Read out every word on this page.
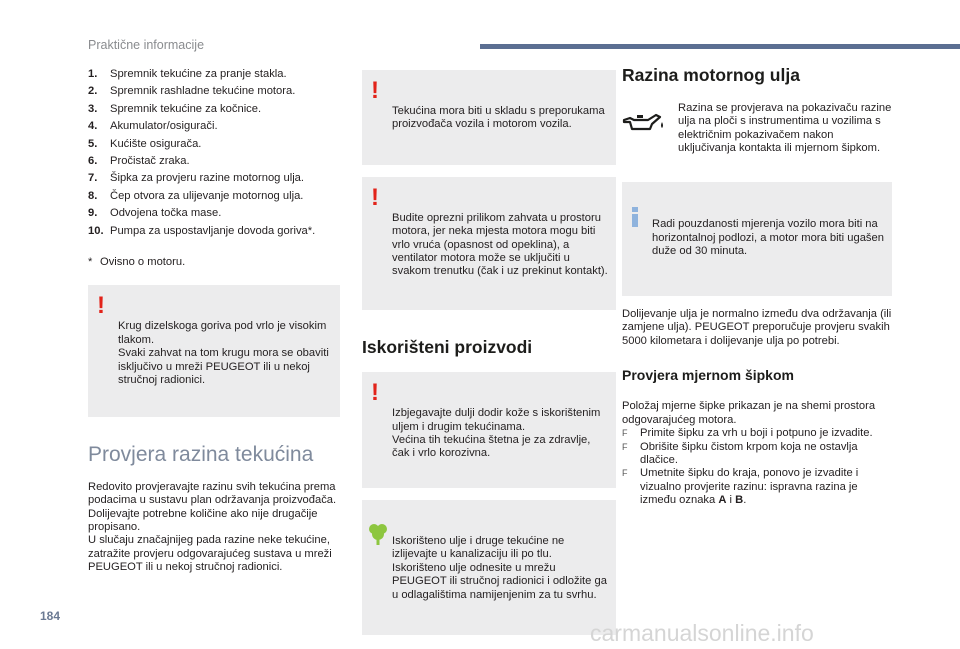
Praktične informacije
1.	Spremnik tekućine za pranje stakla.
2.	Spremnik rashladne tekućine motora.
3.	Spremnik tekućine za kočnice.
4.	Akumulator/osigurači.
5.	Kućište osigurača.
6.	Pročistač zraka.
7.	Šipka za provjeru razine motornog ulja.
8.	Čep otvora za ulijevanje motornog ulja.
9.	Odvojena točka mase.
10. Pumpa za uspostavljanje dovoda goriva*.
* Ovisno o motoru.

!

Krug dizelskoga goriva pod vrlo je visokim tlakom.
Svaki zahvat na tom krugu mora se obaviti isključivo u mreži PEUGEOT ili u nekoj stručnoj radionici.

Provjera razina tekućina
Redovito provjeravajte razinu svih tekućina prema podacima u sustavu plan održavanja proizvođača. Dolijevajte potrebne količine ako nije drugačije propisano.
U slučaju značajnijeg pada razine neke tekućine, zatražite provjeru odgovarajućeg sustava u mreži PEUGEOT ili u nekoj stručnoj radionici.

!

Tekućina mora biti u skladu s preporukama proizvođača vozila i motorom vozila.

!

Budite oprezni prilikom zahvata u prostoru motora, jer neka mjesta motora mogu biti vrlo vruća (opasnost od opeklina), a ventilator motora može se uključiti u svakom trenutku (čak i uz prekinut kontakt).

Iskorišteni proizvodi

!

Izbjegavajte dulji dodir kože s iskorištenim uljem i drugim tekućinama.
Većina tih tekućina štetna je za zdravlje, čak i vrlo korozivna.

Iskorišteno ulje i druge tekućine ne izlijevajte u kanalizaciju ili po tlu.
Iskorišteno ulje odnesite u mrežu PEUGEOT ili stručnoj radionici i odložite ga u odlagalištima namijenjenim za tu svrhu.

Razina motornog ulja
Razina se provjerava na pokazivaču razine ulja na ploči s instrumentima u vozilima s električnim pokazivačem nakon uključivanja kontakta ili mjernom šipkom.

Radi pouzdanosti mjerenja vozilo mora biti na horizontalnoj podlozi, a motor mora biti ugašen duže od 30 minuta.

Dolijevanje ulja je normalno između dva održavanja (ili zamjene ulja). PEUGEOT preporučuje provjeru svakih 5000 kilometara i dolijevanje ulja po potrebi.
Provjera mjernom šipkom
Položaj mjerne šipke prikazan je na shemi prostora odgovarajućeg motora.
F	Primite šipku za vrh u boji i potpuno je izvadite.
F	Obrišite šipku čistom krpom koja ne ostavlja dlačice.
F	Umetnite šipku do kraja, ponovo je izvadite i vizualno provjerite razinu: ispravna razina je između oznaka A i B.
184
carmanualsonline.info
